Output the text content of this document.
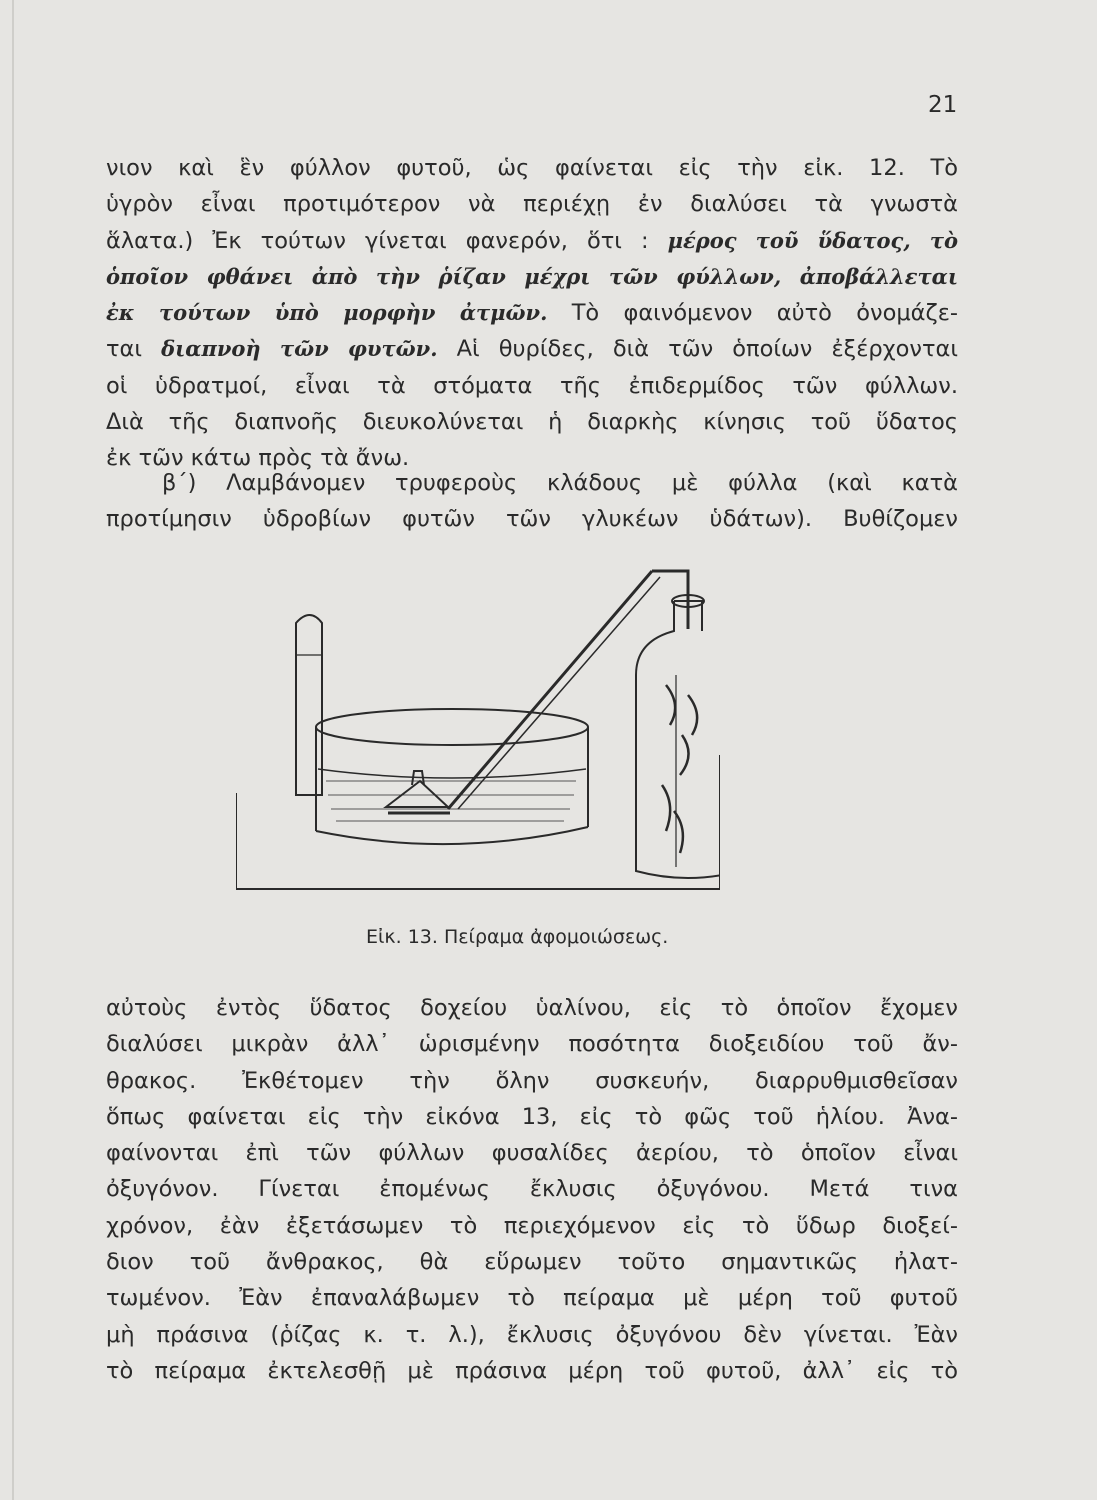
21
νιον καὶ ἓν φύλλον φυτοῦ, ὡς φαίνεται εἰς τὴν εἰκ. 12. Τὸ
ὑγρὸν εἶναι προτιμότερον νὰ περιέχῃ ἐν διαλύσει τὰ γνωστὰ
ἅλατα.) Ἐκ τούτων γίνεται φανερόν, ὅτι : μέρος τοῦ ὕδατος, τὸ
ὁποῖον φθάνει ἀπὸ τὴν ῥίζαν μέχρι τῶν φύλλων, ἀποβάλλεται
ἐκ τούτων ὑπὸ μορφὴν ἀτμῶν. Τὸ φαινόμενον αὐτὸ ὀνομάζε-
ται διαπνοὴ τῶν φυτῶν. Αἱ θυρίδες, διὰ τῶν ὁποίων ἐξέρχονται
οἱ ὑδρατμοί, εἶναι τὰ στόματα τῆς ἐπιδερμίδος τῶν φύλλων.
Διὰ τῆς διαπνοῆς διευκολύνεται ἡ διαρκὴς κίνησις τοῦ ὕδατος
ἐκ τῶν κάτω πρὸς τὰ ἄνω.
β΄) Λαμβάνομεν τρυφεροὺς κλάδους μὲ φύλλα (καὶ κατὰ
προτίμησιν ὑδροβίων φυτῶν τῶν γλυκέων ὑδάτων). Βυθίζομεν
Εἰκ. 13. Πείραμα ἀφομοιώσεως.
αὐτοὺς ἐντὸς ὕδατος δοχείου ὑαλίνου, εἰς τὸ ὁποῖον ἔχομεν
διαλύσει μικρὰν ἀλλ᾽ ὡρισμένην ποσότητα διοξειδίου τοῦ ἄν-
θρακος. Ἐκθέτομεν τὴν ὅλην συσκευήν, διαρρυθμισθεῖσαν
ὅπως φαίνεται εἰς τὴν εἰκόνα 13, εἰς τὸ φῶς τοῦ ἡλίου. Ἀνα-
φαίνονται ἐπὶ τῶν φύλλων φυσαλίδες ἀερίου, τὸ ὁποῖον εἶναι
ὀξυγόνον. Γίνεται ἐπομένως ἔκλυσις ὀξυγόνου. Μετά τινα
χρόνον, ἐὰν ἐξετάσωμεν τὸ περιεχόμενον εἰς τὸ ὕδωρ διοξεί-
διον τοῦ ἄνθρακος, θὰ εὕρωμεν τοῦτο σημαντικῶς ἠλατ-
τωμένον. Ἐὰν ἐπαναλάβωμεν τὸ πείραμα μὲ μέρη τοῦ φυτοῦ
μὴ πράσινα (ῥίζας κ. τ. λ.), ἔκλυσις ὀξυγόνου δὲν γίνεται. Ἐὰν
τὸ πείραμα ἐκτελεσθῇ μὲ πράσινα μέρη τοῦ φυτοῦ, ἀλλ᾽ εἰς τὸ
